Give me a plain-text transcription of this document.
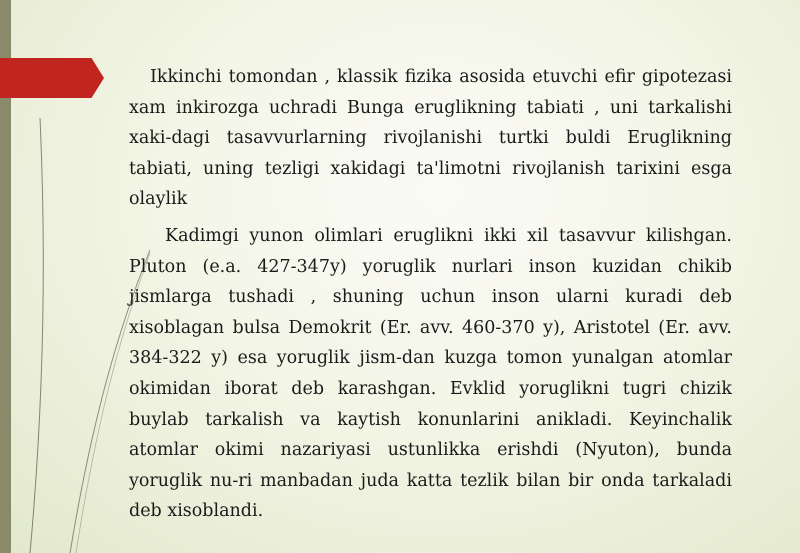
Ikkinchi tomondan , klassik fizika asosida etuvchi efir gipotezasi xam inkirozga uchradi Bunga eruglikning tabiati , uni tarkalishi xaki-dagi tasavvurlarning rivojlanishi turtki buldi Eruglikning tabiati, uning tezligi xakidagi ta'limotni rivojlanish tarixini esga olaylik

Kadimgi yunon olimlari eruglikni ikki xil tasavvur kilishgan. Pluton (e.a. 427-347y) yoruglik nurlari inson kuzidan chikib jismlarga tushadi , shuning uchun inson ularni kuradi deb xisoblagan bulsa Demokrit (Er. avv. 460-370 y), Aristotel (Er. avv. 384-322 y) esa yoruglik jism-dan kuzga tomon yunalgan atomlar okimidan iborat deb karashgan. Evklid yoruglikni tugri chizik buylab tarkalish va kaytish konunlarini anikladi. Keyinchalik atomlar okimi nazariyasi ustunlikka erishdi (Nyuton), bunda yoruglik nu-ri manbadan juda katta tezlik bilan bir onda tarkaladi deb xisoblandi.
